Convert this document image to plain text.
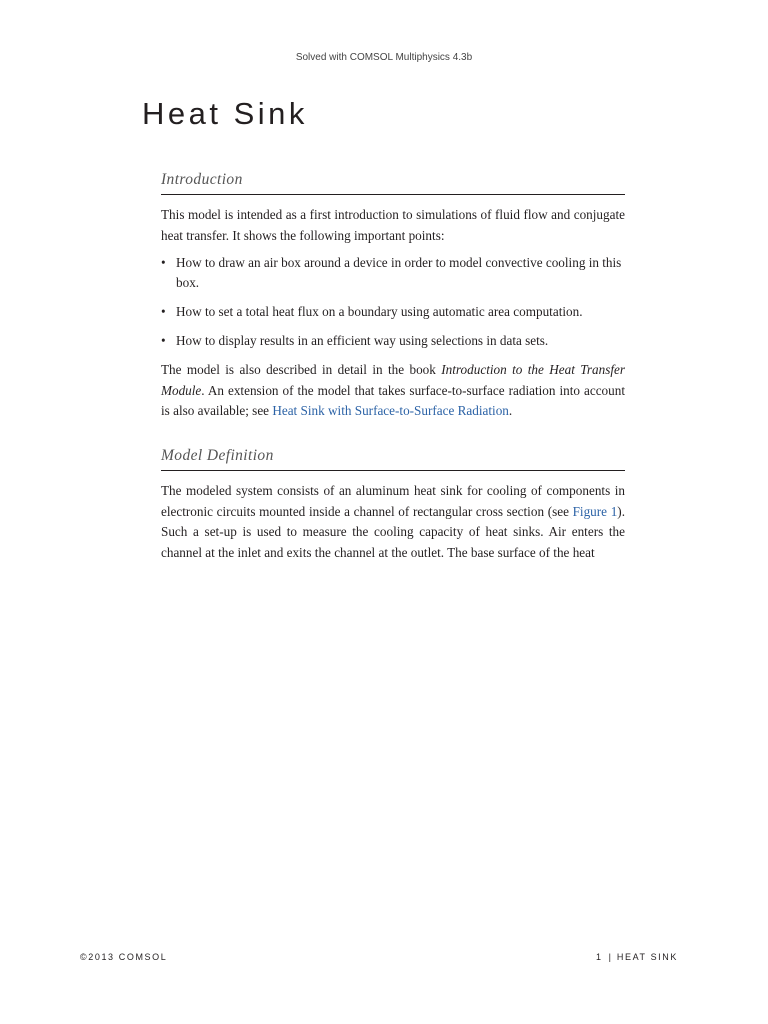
Solved with COMSOL Multiphysics 4.3b
Heat Sink
Introduction

This model is intended as a first introduction to simulations of fluid flow and conjugate heat transfer. It shows the following important points:

• How to draw an air box around a device in order to model convective cooling in this box.
• How to set a total heat flux on a boundary using automatic area computation.
• How to display results in an efficient way using selections in data sets.

The model is also described in detail in the book Introduction to the Heat Transfer Module. An extension of the model that takes surface-to-surface radiation into account is also available; see Heat Sink with Surface-to-Surface Radiation.

Model Definition

The modeled system consists of an aluminum heat sink for cooling of components in electronic circuits mounted inside a channel of rectangular cross section (see Figure 1). Such a set-up is used to measure the cooling capacity of heat sinks. Air enters the channel at the inlet and exits the channel at the outlet. The base surface of the heat

©2013 COMSOL	1 | HEAT SINK
